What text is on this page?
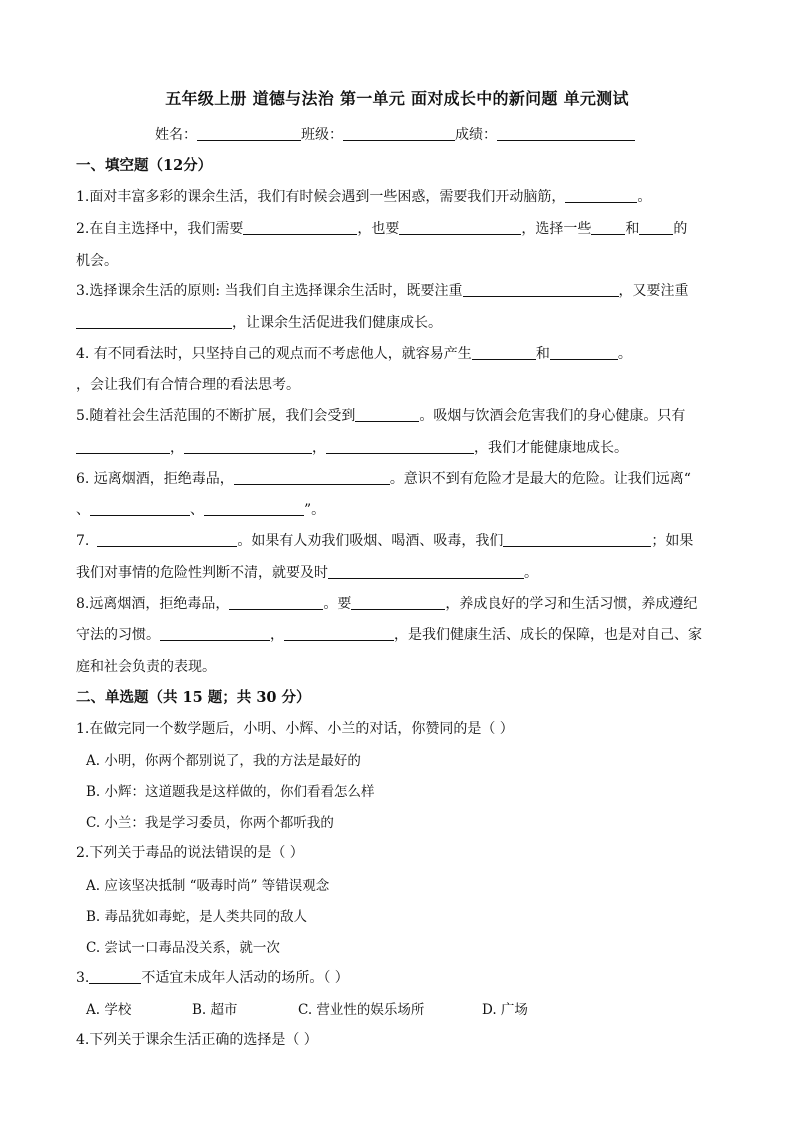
五年级上册 道德与法治 第一单元 面对成长中的新问题 单元测试
姓名：	班级：	成绩：
一、填空题（12分）
1.面对丰富多彩的课余生活，我们有时候会遇到一些困惑，需要我们开动脑筋，	。
2.在自主选择中，我们需要	，也要	，选择一些 和 的
机会。
3.选择课余生活的原则: 当我们自主选择课余生活时，既要注重	，又要注重
，让课余生活促进我们健康成长。
4. 有不同看法时，只坚持自己的观点而不考虑他人，就容易产生	和	。
，会让我们有合情合理的看法思考。
5.随着社会生活范围的不断扩展，我们会受到	。吸烟与饮酒会危害我们的身心健康。只有
，	，	，我们才能健康地成长。
6. 远离烟酒，拒绝毒品，	。意识不到有危险才是最大的危险。让我们远离“
、	、	”。
7.	。如果有人劝我们吸烟、喝酒、吸毒，我们	；如果
我们对事情的危险性判断不清，就要及时	。
8.远离烟酒，拒绝毒品，	。要	，养成良好的学习和生活习惯，养成遵纪
守法的习惯。	，	，是我们健康生活、成长的保障，也是对自己、家
庭和社会负责的表现。
二、单选题（共 15 题；共 30 分）
1.在做完同一个数学题后，小明、小辉、小兰的对话，你赞同的是（ ）
A. 小明，你两个都别说了，我的方法是最好的
B. 小辉：这道题我是这样做的，你们看看怎么样
C. 小兰：我是学习委员，你两个都听我的
2.下列关于毒品的说法错误的是（ ）
A. 应该坚决抵制 “吸毒时尚” 等错误观念
B. 毒品犹如毒蛇，是人类共同的敌人
C. 尝试一口毒品没关系，就一次
3.	不适宜未成年人活动的场所。（ ）
A. 学校	B. 超市	C. 营业性的娱乐场所	D. 广场
4.下列关于课余生活正确的选择是（ ）
